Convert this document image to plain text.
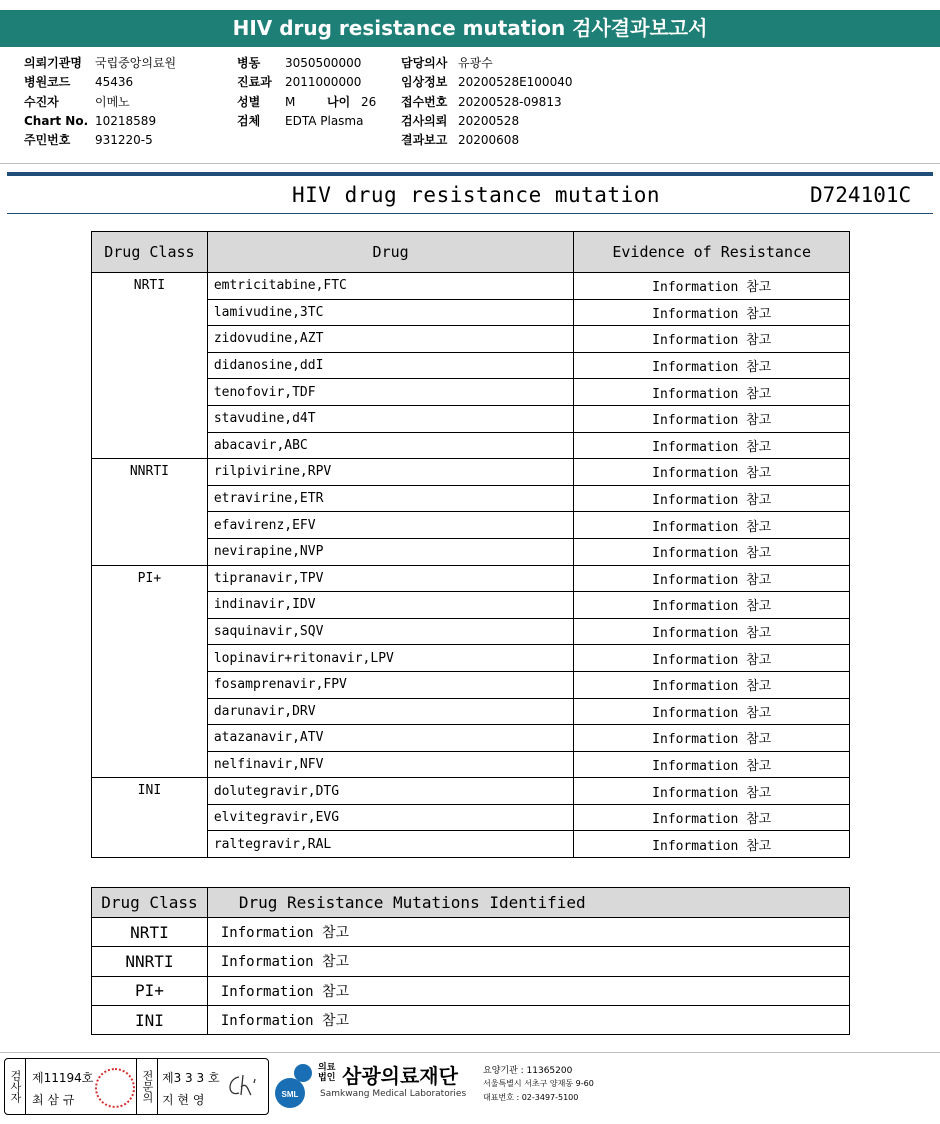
HIV drug resistance mutation 검사결과보고서
의뢰기관명	국립중앙의료원
병원코드	45436
수진자	이메노
Chart No. 10218589
주민번호	931220-5
병동	3050500000
진료과	2011000000
성별	M	나이 26
검체	EDTA Plasma
담당의사 유광수
임상정보 20200528E100040
접수번호 20200528-09813
검사의뢰 20200528
결과보고 20200608
HIV drug resistance mutation	D724101C
Drug Class	Drug	Evidence of Resistance
NRTI	emtricitabine,FTC	Information 참고
	lamivudine,3TC	Information 참고
	zidovudine,AZT	Information 참고
	didanosine,ddI	Information 참고
	tenofovir,TDF	Information 참고
	stavudine,d4T	Information 참고
	abacavir,ABC	Information 참고
NNRTI	rilpivirine,RPV	Information 참고
	etravirine,ETR	Information 참고
	efavirenz,EFV	Information 참고
	nevirapine,NVP	Information 참고
PI+	tipranavir,TPV	Information 참고
	indinavir,IDV	Information 참고
	saquinavir,SQV	Information 참고
	lopinavir+ritonavir,LPV	Information 참고
	fosamprenavir,FPV	Information 참고
	darunavir,DRV	Information 참고
	atazanavir,ATV	Information 참고
	nelfinavir,NFV	Information 참고
INI	dolutegravir,DTG	Information 참고
	elvitegravir,EVG	Information 참고
	raltegravir,RAL	Information 참고
Drug Class	Drug Resistance Mutations Identified
NRTI	Information 참고
NNRTI	Information 참고
PI+	Information 참고
INI	Information 참고
검사자 제11194호
최 삼 규	전문의 제3 3 3 호
지 현 영	SML
의료법인 삼광의료재단
Samkwang Medical Laboratories
요양기관 : 11365200
서울특별시 서초구 양재동 9-60
대표번호 : 02-3497-5100
